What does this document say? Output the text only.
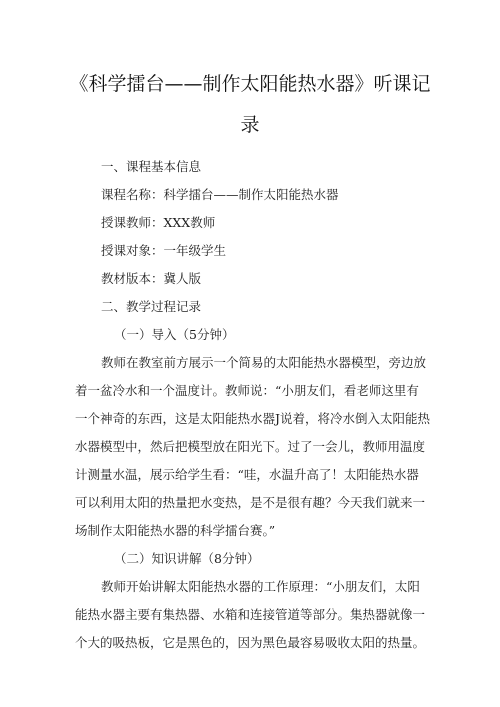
《科学擂台——制作太阳能热水器》听课记
录
一、课程基本信息
课程名称：科学擂台——制作太阳能热水器
授课教师：XXX教师
授课对象：一年级学生
教材版本：冀人版
二、教学过程记录
（一）导入（5分钟）
教师在教室前方展示一个简易的太阳能热水器模型，旁边放
着一盆冷水和一个温度计。教师说：“小朋友们，看老师这里有
一个神奇的东西，这是太阳能热水器J说着，将冷水倒入太阳能热
水器模型中，然后把模型放在阳光下。过了一会儿，教师用温度
计测量水温，展示给学生看：“哇，水温升高了！太阳能热水器
可以利用太阳的热量把水变热，是不是很有趣？今天我们就来一
场制作太阳能热水器的科学擂台赛。”
（二）知识讲解（8分钟）
教师开始讲解太阳能热水器的工作原理：“小朋友们，太阳
能热水器主要有集热器、水箱和连接管道等部分。集热器就像一
个大的吸热板，它是黑色的，因为黑色最容易吸收太阳的热量。
